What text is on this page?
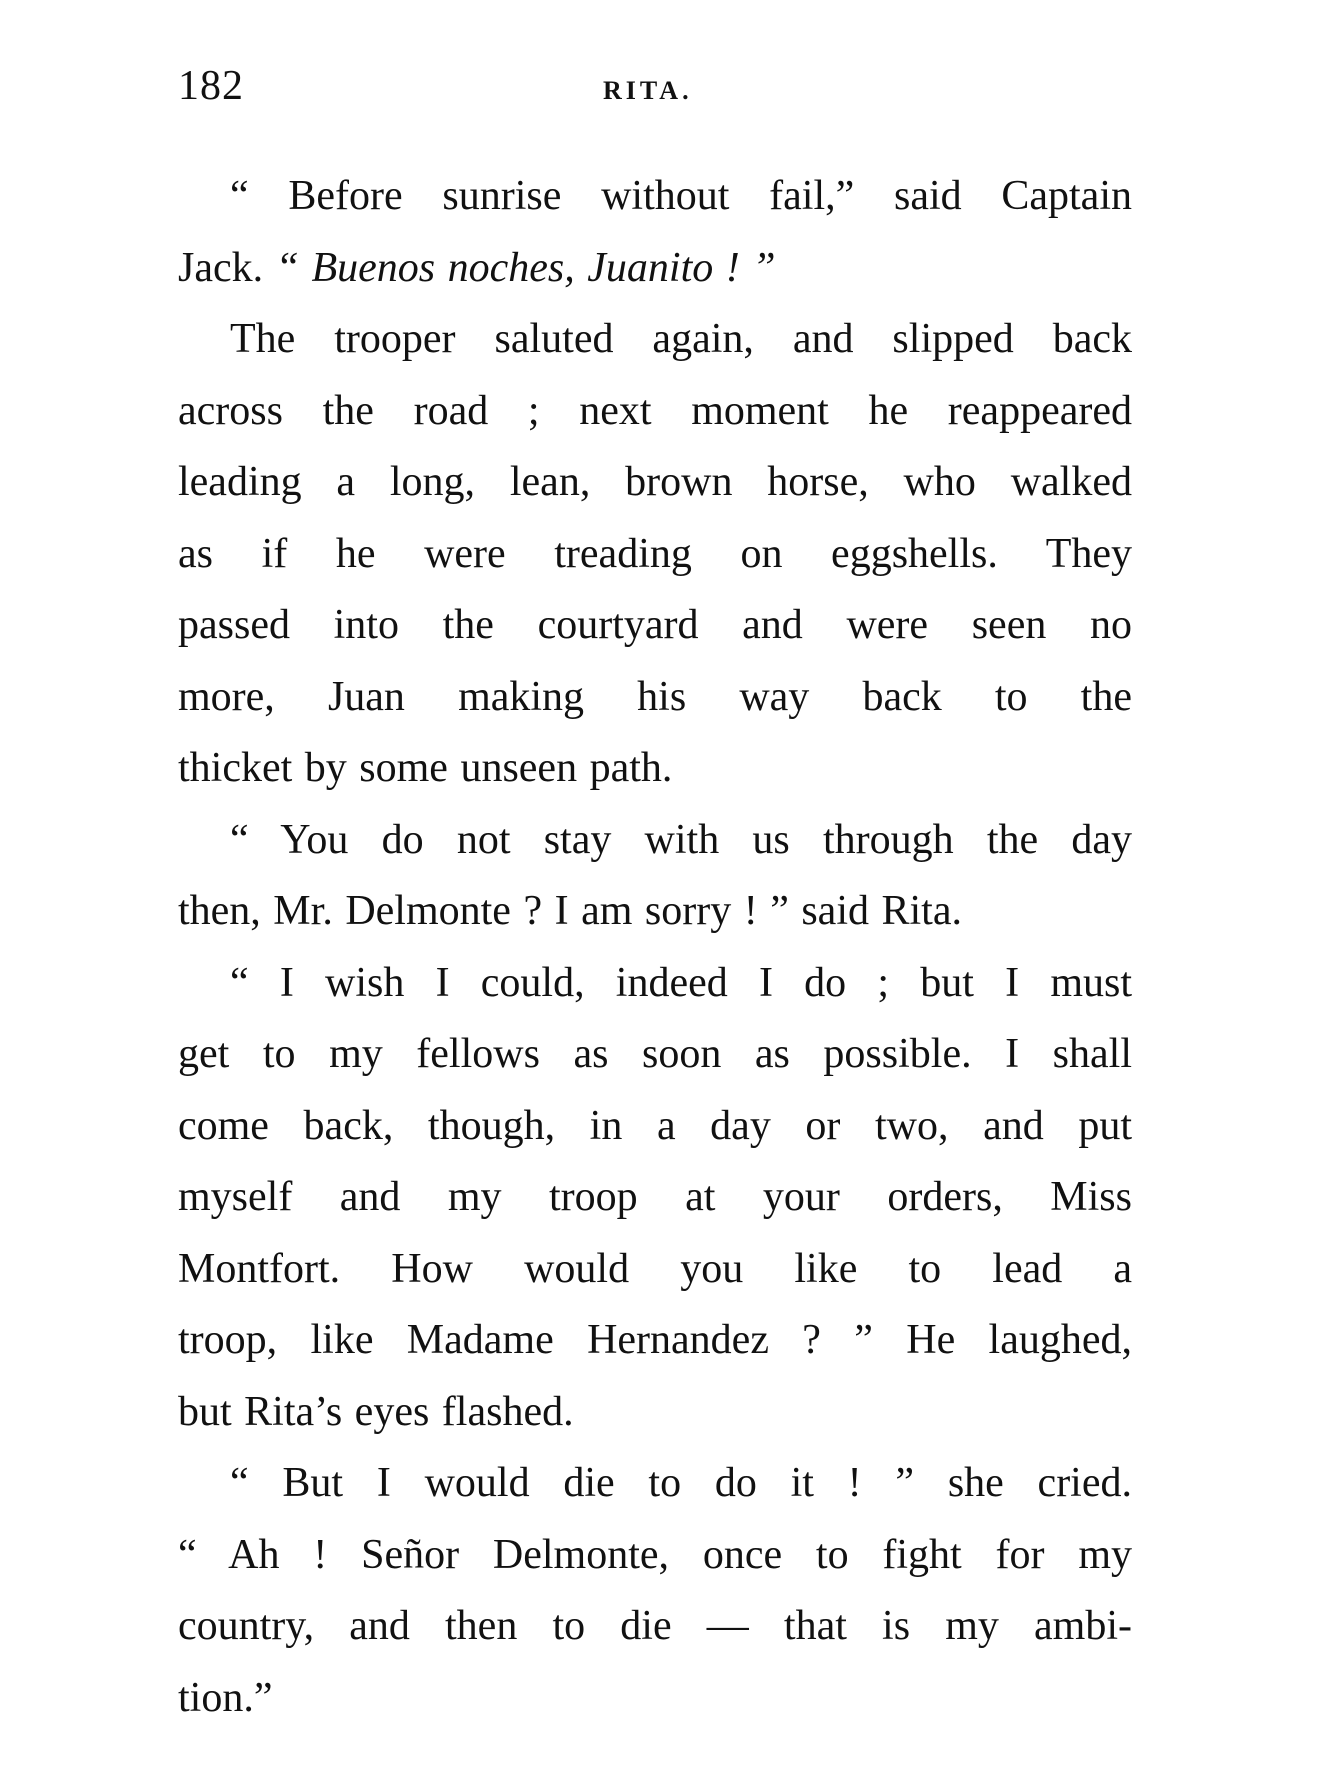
182	RITA.
“ Before sunrise without fail,” said Captain
Jack. “ Buenos noches, Juanito ! ”
The trooper saluted again, and slipped back
across the road ; next moment he reappeared
leading a long, lean, brown horse, who walked
as if he were treading on eggshells. They
passed into the courtyard and were seen no
more, Juan making his way back to the
thicket by some unseen path.
“ You do not stay with us through the day
then, Mr. Delmonte ? I am sorry ! ” said Rita.
“ I wish I could, indeed I do ; but I must
get to my fellows as soon as possible. I shall
come back, though, in a day or two, and put
myself and my troop at your orders, Miss
Montfort. How would you like to lead a
troop, like Madame Hernandez ? ” He laughed,
but Rita’s eyes flashed.
“ But I would die to do it ! ” she cried.
“ Ah ! Señor Delmonte, once to fight for my
country, and then to die — that is my ambi-
tion.”
